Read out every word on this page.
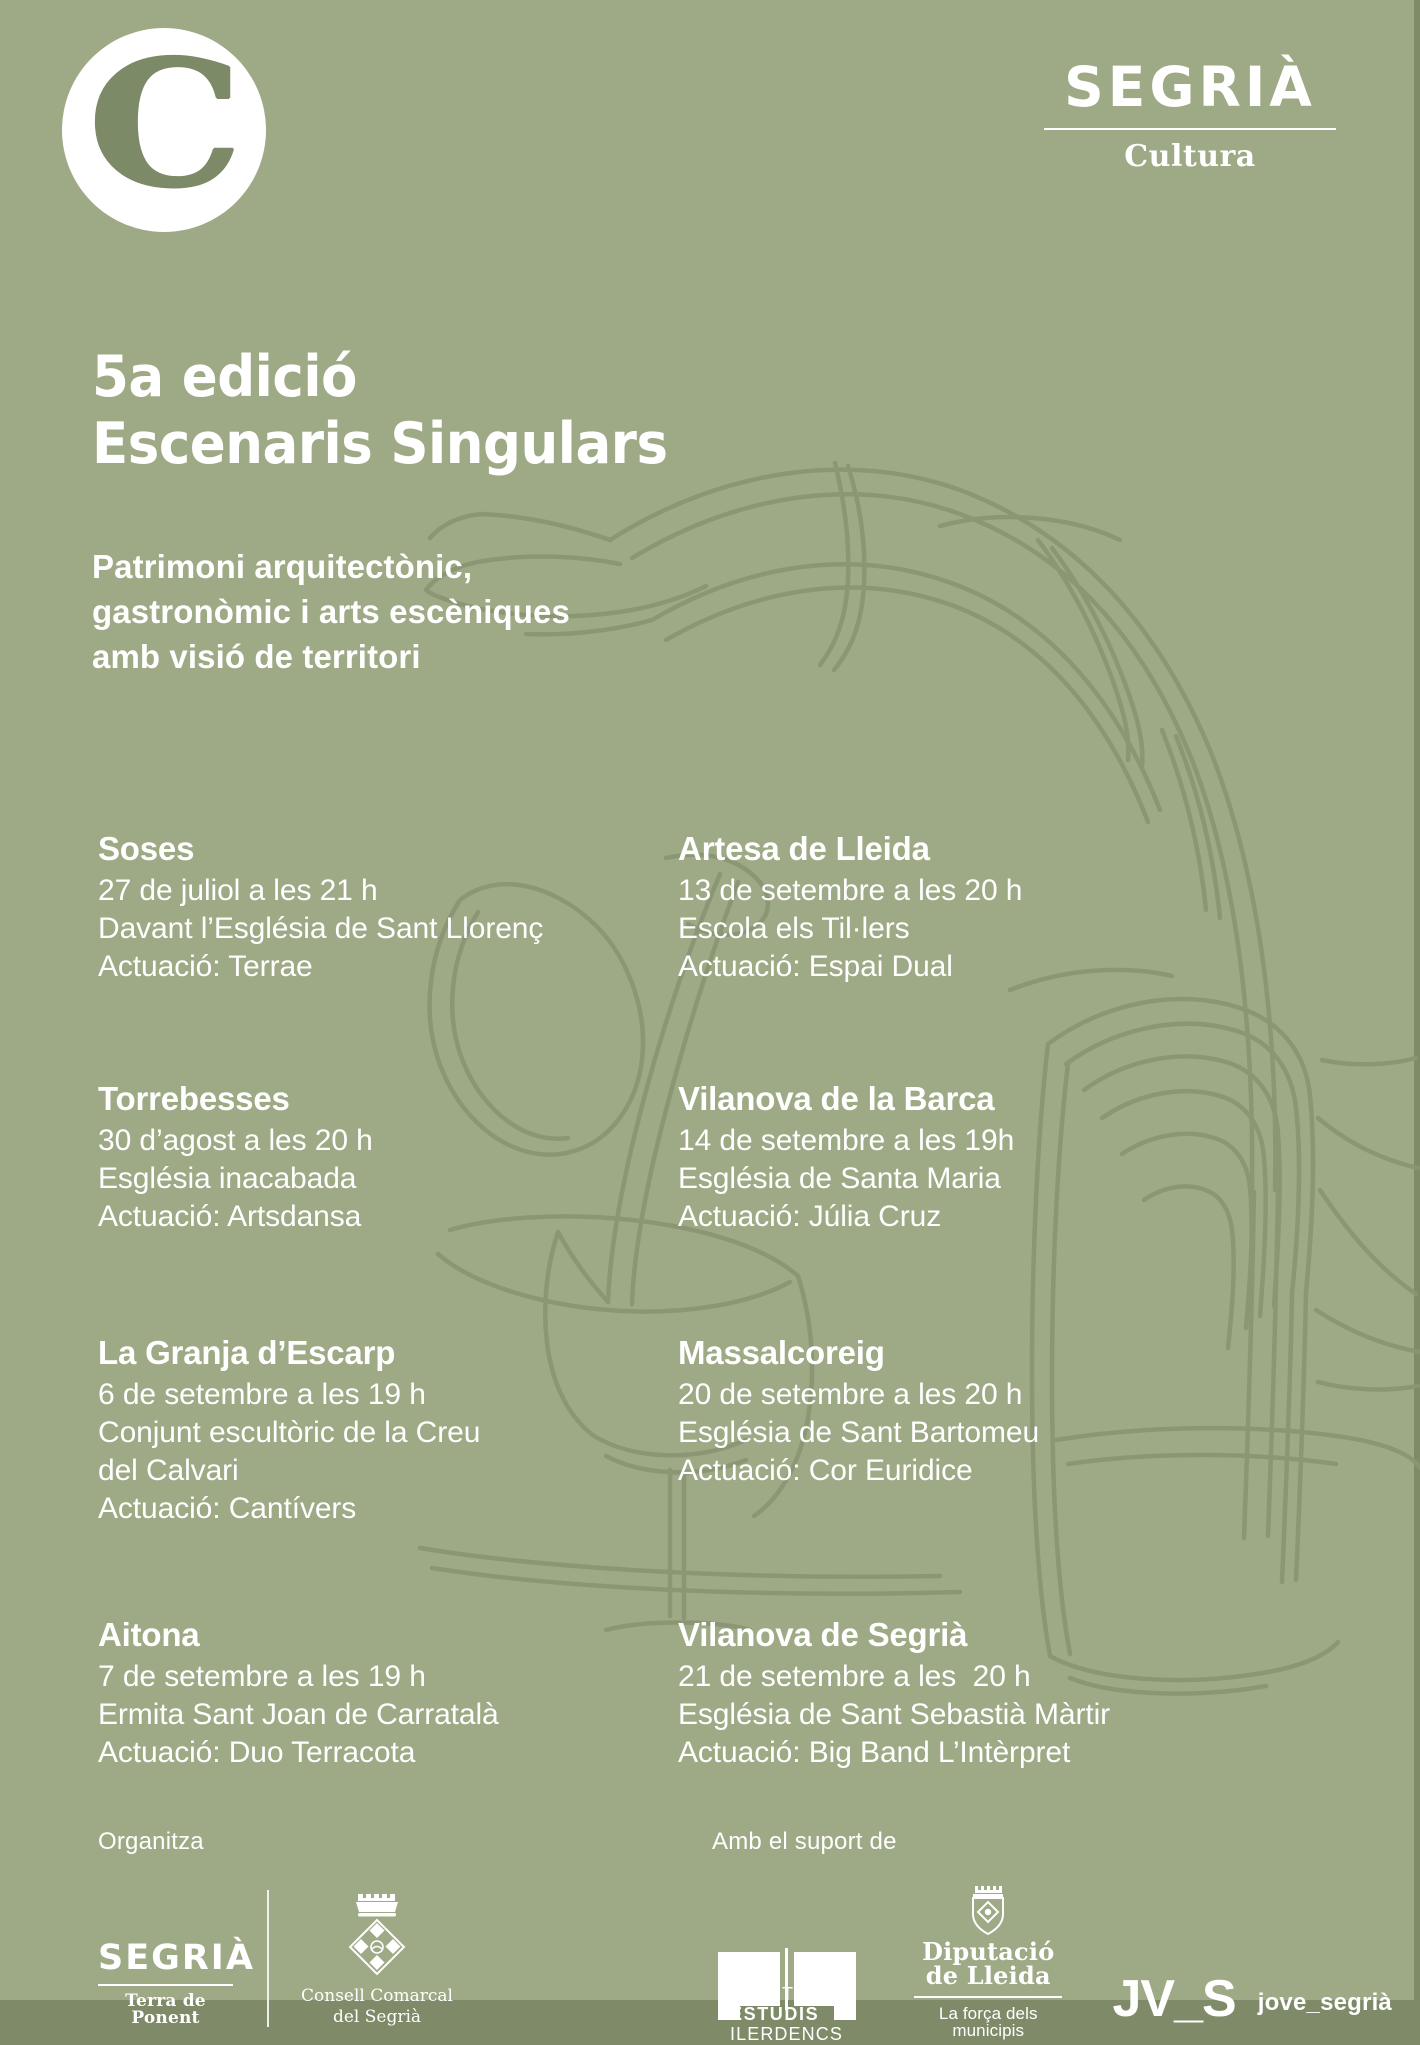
C	SEGRIÀ
Cultura
5a edició
Escenaris Singulars
Patrimoni arquitectònic,
gastronòmic i arts escèniques
amb visió de territori
Soses
27 de juliol a les 21 h
Davant l’Església de Sant Llorenç
Actuació: Terrae
Artesa de Lleida
13 de setembre a les 20 h
Escola els Til·lers
Actuació: Espai Dual
Torrebesses
30 d’agost a les 20 h
Església inacabada
Actuació: Artsdansa
Vilanova de la Barca
14 de setembre a les 19h
Església de Santa Maria
Actuació: Júlia Cruz
La Granja d’Escarp
6 de setembre a les 19 h
Conjunt escultòric de la Creu
del Calvari
Actuació: Cantívers
Massalcoreig
20 de setembre a les 20 h
Església de Sant Bartomeu
Actuació: Cor Euridice
Aitona
7 de setembre a les 19 h
Ermita Sant Joan de Carratalà
Actuació: Duo Terracota
Vilanova de Segrià
21 de setembre a les  20 h
Església de Sant Sebastià Màrtir
Actuació: Big Band L’Intèrpret
Organitza
SEGRIÀ
Terra de Ponent
Consell Comarcal
del Segrià
Amb el suport de
INSTITUT
ESTUDIS
ILERDENCS
Diputació de Lleida
La força dels municipis
JV_S jove_segrià
